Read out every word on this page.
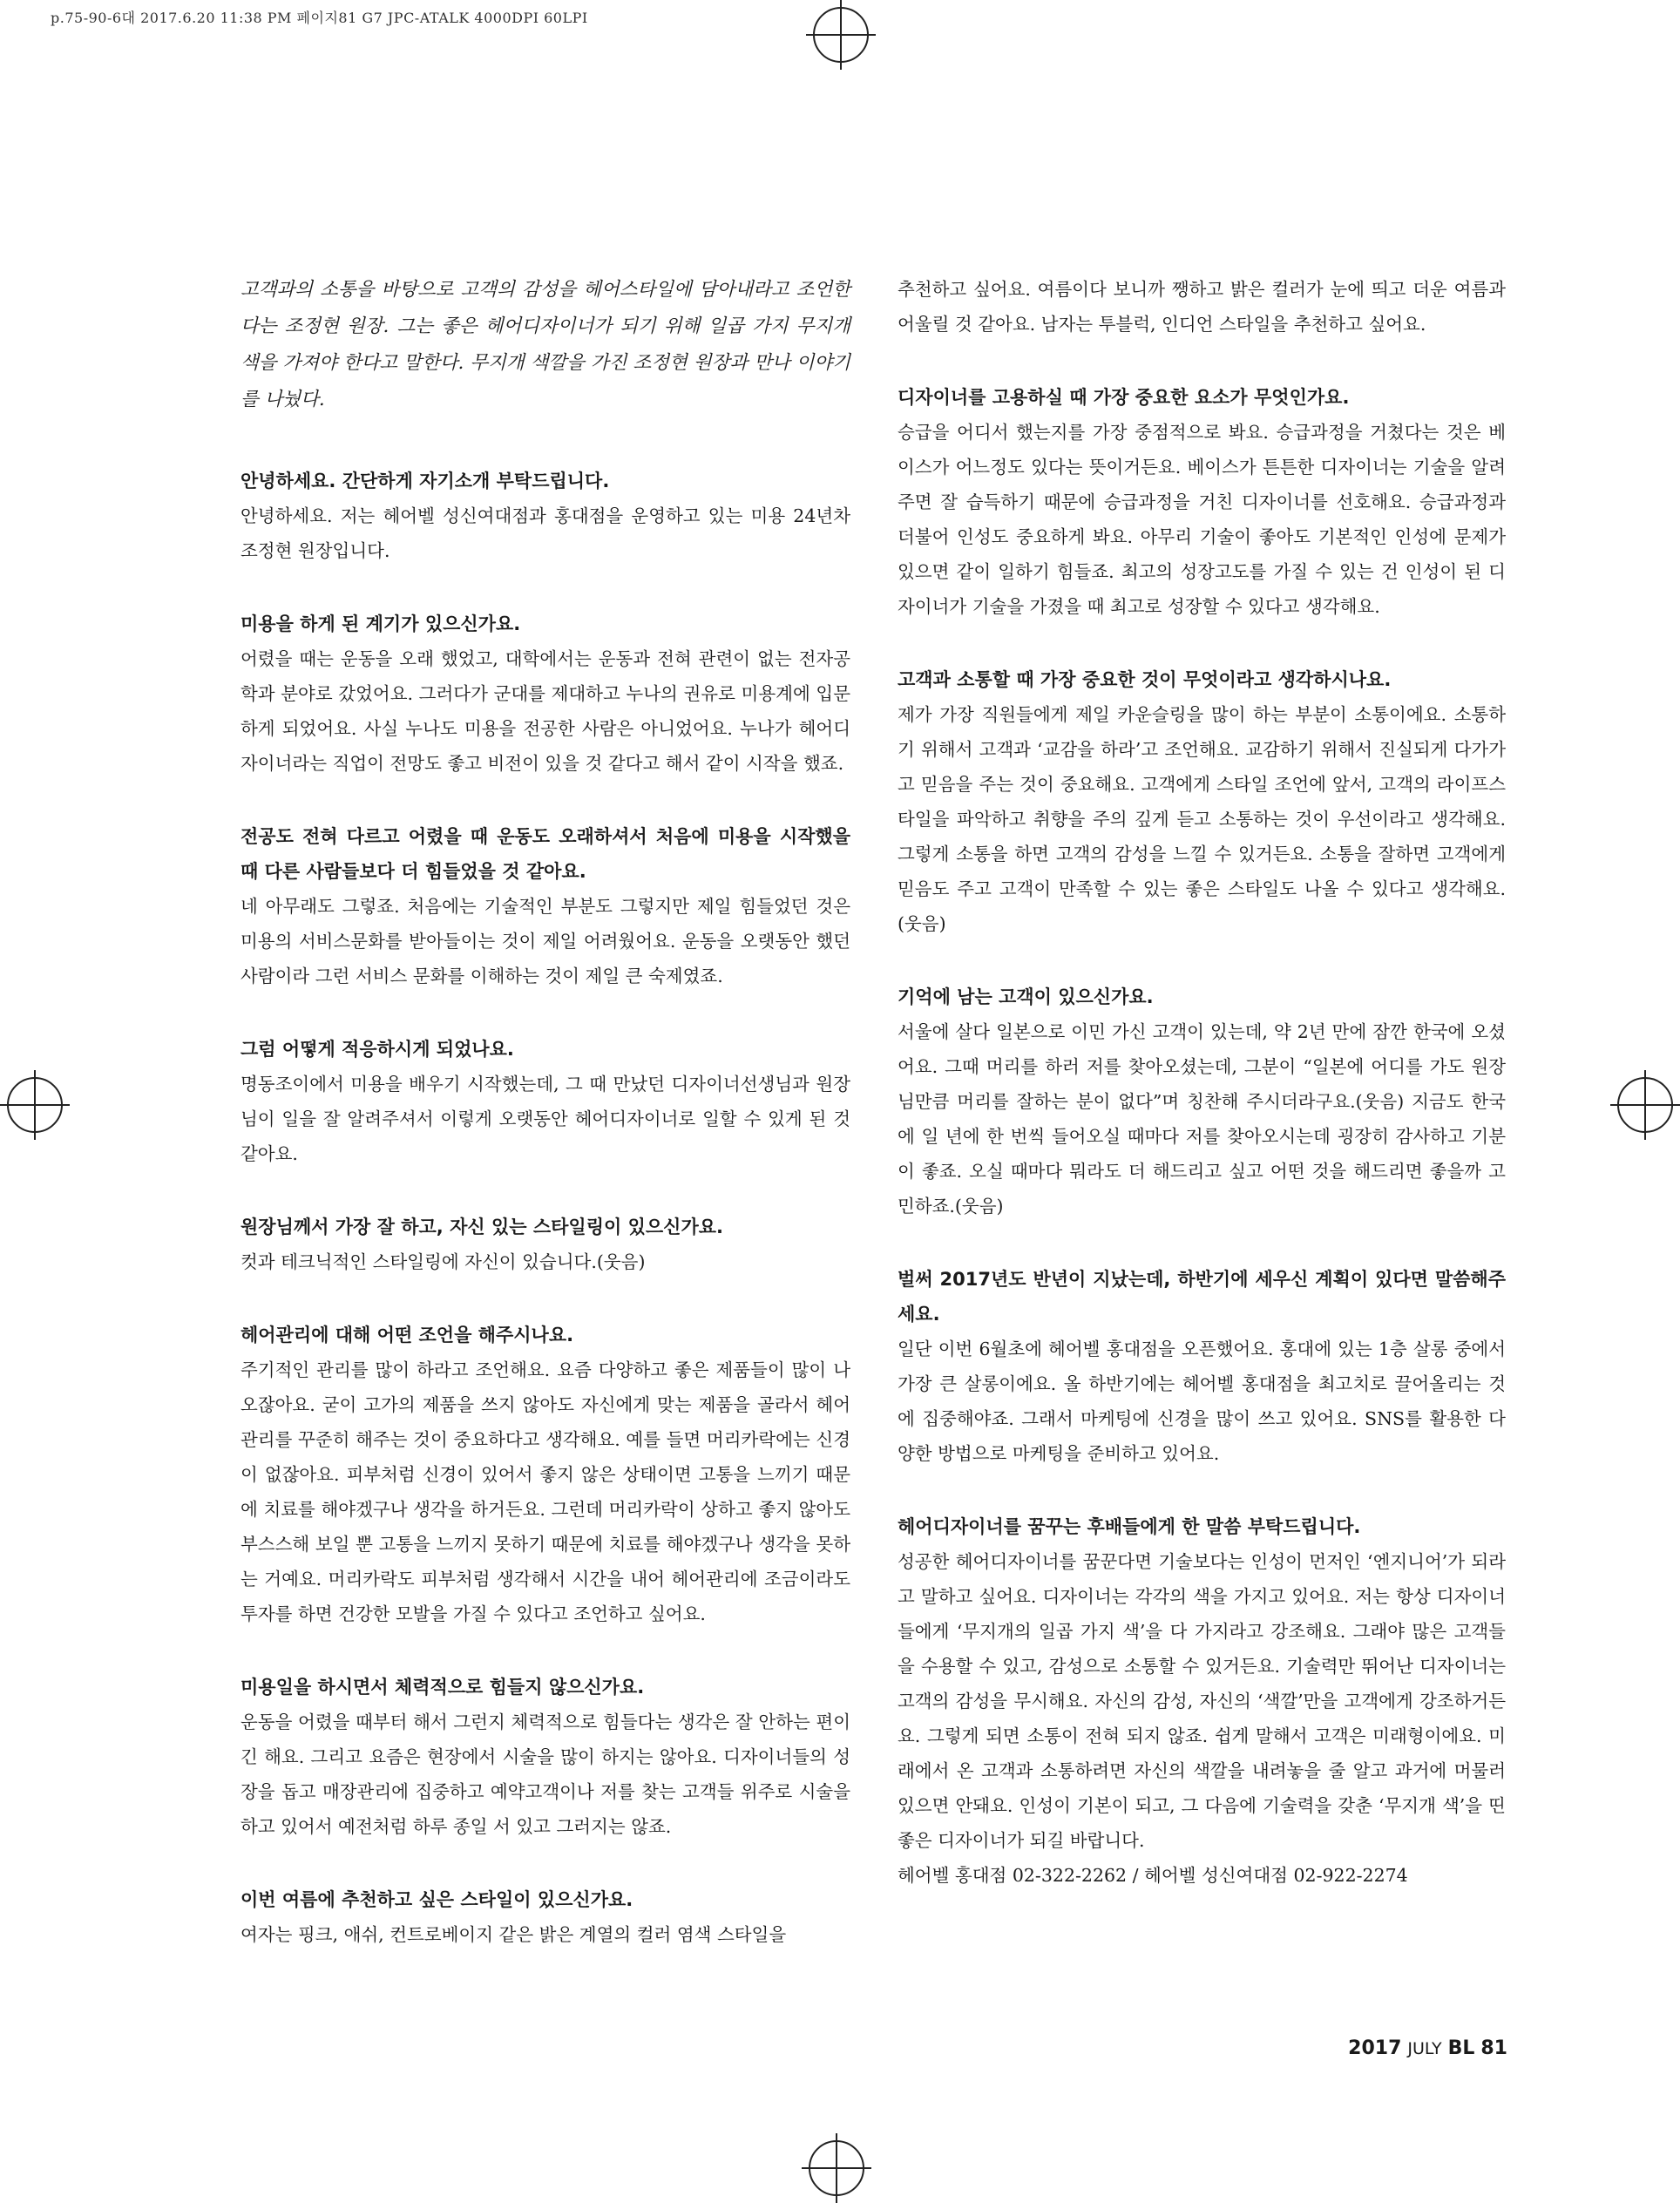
p.75-90-6대 2017.6.20 11:38 PM 페이지81 G7 JPC-ATALK 4000DPI 60LPI

고객과의 소통을 바탕으로 고객의 감성을 헤어스타일에 담아내라고 조언한다는 조정현 원장. 그는 좋은 헤어디자이너가 되기 위해 일곱 가지 무지개 색을 가져야 한다고 말한다. 무지개 색깔을 가진 조정현 원장과 만나 이야기를 나눴다.

안녕하세요. 간단하게 자기소개 부탁드립니다.

안녕하세요. 저는 헤어벨 성신여대점과 홍대점을 운영하고 있는 미용 24년차 조정현 원장입니다.

미용을 하게 된 계기가 있으신가요.

어렸을 때는 운동을 오래 했었고, 대학에서는 운동과 전혀 관련이 없는 전자공학과 분야로 갔었어요. 그러다가 군대를 제대하고 누나의 권유로 미용계에 입문하게 되었어요. 사실 누나도 미용을 전공한 사람은 아니었어요. 누나가 헤어디자이너라는 직업이 전망도 좋고 비전이 있을 것 같다고 해서 같이 시작을 했죠.

전공도 전혀 다르고 어렸을 때 운동도 오래하셔서 처음에 미용을 시작했을 때 다른 사람들보다 더 힘들었을 것 같아요.

네 아무래도 그렇죠. 처음에는 기술적인 부분도 그렇지만 제일 힘들었던 것은 미용의 서비스문화를 받아들이는 것이 제일 어려웠어요. 운동을 오랫동안 했던 사람이라 그런 서비스 문화를 이해하는 것이 제일 큰 숙제였죠.

그럼 어떻게 적응하시게 되었나요.

명동조이에서 미용을 배우기 시작했는데, 그 때 만났던 디자이너선생님과 원장님이 일을 잘 알려주셔서 이렇게 오랫동안 헤어디자이너로 일할 수 있게 된 것 같아요.

원장님께서 가장 잘 하고, 자신 있는 스타일링이 있으신가요.

컷과 테크닉적인 스타일링에 자신이 있습니다.(웃음)

헤어관리에 대해 어떤 조언을 해주시나요.

주기적인 관리를 많이 하라고 조언해요. 요즘 다양하고 좋은 제품들이 많이 나오잖아요. 굳이 고가의 제품을 쓰지 않아도 자신에게 맞는 제품을 골라서 헤어관리를 꾸준히 해주는 것이 중요하다고 생각해요. 예를 들면 머리카락에는 신경이 없잖아요. 피부처럼 신경이 있어서 좋지 않은 상태이면 고통을 느끼기 때문에 치료를 해야겠구나 생각을 하거든요. 그런데 머리카락이 상하고 좋지 않아도 부스스해 보일 뿐 고통을 느끼지 못하기 때문에 치료를 해야겠구나 생각을 못하는 거예요. 머리카락도 피부처럼 생각해서 시간을 내어 헤어관리에 조금이라도 투자를 하면 건강한 모발을 가질 수 있다고 조언하고 싶어요.

미용일을 하시면서 체력적으로 힘들지 않으신가요.

운동을 어렸을 때부터 해서 그런지 체력적으로 힘들다는 생각은 잘 안하는 편이긴 해요. 그리고 요즘은 현장에서 시술을 많이 하지는 않아요. 디자이너들의 성장을 돕고 매장관리에 집중하고 예약고객이나 저를 찾는 고객들 위주로 시술을 하고 있어서 예전처럼 하루 종일 서 있고 그러지는 않죠.

이번 여름에 추천하고 싶은 스타일이 있으신가요.

여자는 핑크, 애쉬, 컨트로베이지 같은 밝은 계열의 컬러 염색 스타일을

추천하고 싶어요. 여름이다 보니까 쨍하고 밝은 컬러가 눈에 띄고 더운 여름과 어울릴 것 같아요. 남자는 투블럭, 인디언 스타일을 추천하고 싶어요.

디자이너를 고용하실 때 가장 중요한 요소가 무엇인가요.

승급을 어디서 했는지를 가장 중점적으로 봐요. 승급과정을 거쳤다는 것은 베이스가 어느정도 있다는 뜻이거든요. 베이스가 튼튼한 디자이너는 기술을 알려주면 잘 습득하기 때문에 승급과정을 거친 디자이너를 선호해요. 승급과정과 더불어 인성도 중요하게 봐요. 아무리 기술이 좋아도 기본적인 인성에 문제가 있으면 같이 일하기 힘들죠. 최고의 성장고도를 가질 수 있는 건 인성이 된 디자이너가 기술을 가졌을 때 최고로 성장할 수 있다고 생각해요.

고객과 소통할 때 가장 중요한 것이 무엇이라고 생각하시나요.

제가 가장 직원들에게 제일 카운슬링을 많이 하는 부분이 소통이에요. 소통하기 위해서 고객과 ‘교감을 하라’고 조언해요. 교감하기 위해서 진실되게 다가가고 믿음을 주는 것이 중요해요. 고객에게 스타일 조언에 앞서, 고객의 라이프스타일을 파악하고 취향을 주의 깊게 듣고 소통하는 것이 우선이라고 생각해요. 그렇게 소통을 하면 고객의 감성을 느낄 수 있거든요. 소통을 잘하면 고객에게 믿음도 주고 고객이 만족할 수 있는 좋은 스타일도 나올 수 있다고 생각해요.(웃음)

기억에 남는 고객이 있으신가요.

서울에 살다 일본으로 이민 가신 고객이 있는데, 약 2년 만에 잠깐 한국에 오셨어요. 그때 머리를 하러 저를 찾아오셨는데, 그분이 “일본에 어디를 가도 원장님만큼 머리를 잘하는 분이 없다”며 칭찬해 주시더라구요.(웃음) 지금도 한국에 일 년에 한 번씩 들어오실 때마다 저를 찾아오시는데 굉장히 감사하고 기분이 좋죠. 오실 때마다 뭐라도 더 해드리고 싶고 어떤 것을 해드리면 좋을까 고민하죠.(웃음)

벌써 2017년도 반년이 지났는데, 하반기에 세우신 계획이 있다면 말씀해주세요.

일단 이번 6월초에 헤어벨 홍대점을 오픈했어요. 홍대에 있는 1층 살롱 중에서 가장 큰 살롱이에요. 올 하반기에는 헤어벨 홍대점을 최고치로 끌어올리는 것에 집중해야죠. 그래서 마케팅에 신경을 많이 쓰고 있어요. SNS를 활용한 다양한 방법으로 마케팅을 준비하고 있어요.

헤어디자이너를 꿈꾸는 후배들에게 한 말씀 부탁드립니다.

성공한 헤어디자이너를 꿈꾼다면 기술보다는 인성이 먼저인 ‘엔지니어’가 되라고 말하고 싶어요. 디자이너는 각각의 색을 가지고 있어요. 저는 항상 디자이너들에게 ‘무지개의 일곱 가지 색’을 다 가지라고 강조해요. 그래야 많은 고객들을 수용할 수 있고, 감성으로 소통할 수 있거든요. 기술력만 뛰어난 디자이너는 고객의 감성을 무시해요. 자신의 감성, 자신의 ‘색깔’만을 고객에게 강조하거든요. 그렇게 되면 소통이 전혀 되지 않죠. 쉽게 말해서 고객은 미래형이에요. 미래에서 온 고객과 소통하려면 자신의 색깔을 내려놓을 줄 알고 과거에 머물러 있으면 안돼요. 인성이 기본이 되고, 그 다음에 기술력을 갖춘 ‘무지개 색’을 띤 좋은 디자이너가 되길 바랍니다.

헤어벨 홍대점 02-322-2262 / 헤어벨 성신여대점 02-922-2274

2017 JULY BL 81
